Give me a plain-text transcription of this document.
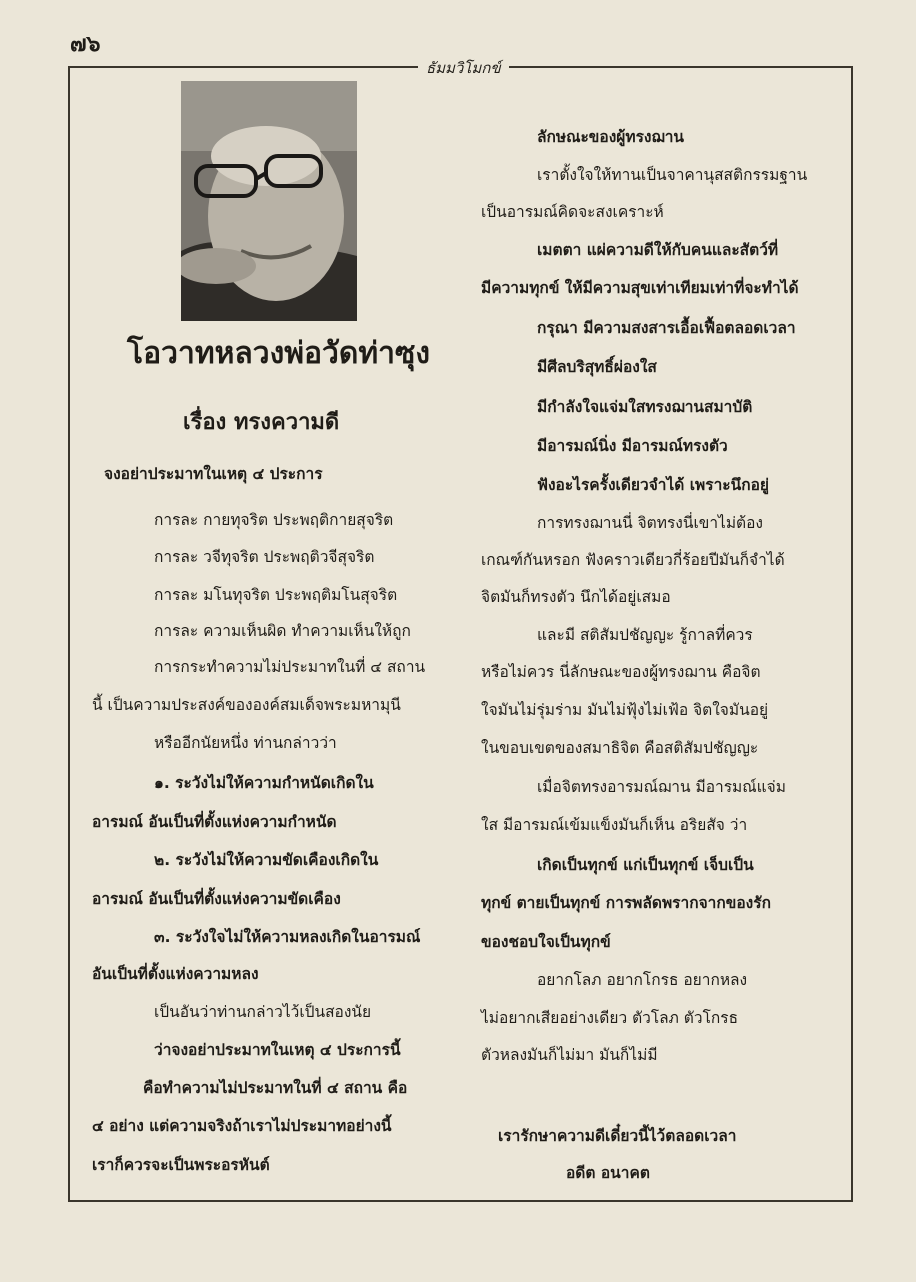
๗๖
ธัมมวิโมกข์
โอวาทหลวงพ่อวัดท่าซุง
เรื่อง ทรงความดี
จงอย่าประมาทในเหตุ ๔ ประการ
การละ กายทุจริต ประพฤติกายสุจริต
การละ วจีทุจริต ประพฤติวจีสุจริต
การละ มโนทุจริต ประพฤติมโนสุจริต
การละ ความเห็นผิด ทำความเห็นให้ถูก
การกระทำความไม่ประมาทในที่ ๔ สถาน
นี้ เป็นความประสงค์ขององค์สมเด็จพระมหามุนี
หรืออีกนัยหนึ่ง ท่านกล่าวว่า
๑. ระวังไม่ให้ความกำหนัดเกิดใน
อารมณ์ อันเป็นที่ตั้งแห่งความกำหนัด
๒. ระวังไม่ให้ความขัดเคืองเกิดใน
อารมณ์ อันเป็นที่ตั้งแห่งความขัดเคือง
๓. ระวังใจไม่ให้ความหลงเกิดในอารมณ์
อันเป็นที่ตั้งแห่งความหลง
เป็นอันว่าท่านกล่าวไว้เป็นสองนัย
ว่าจงอย่าประมาทในเหตุ ๔ ประการนี้
คือทำความไม่ประมาทในที่ ๔ สถาน คือ
๔ อย่าง แต่ความจริงถ้าเราไม่ประมาทอย่างนี้
เราก็ควรจะเป็นพระอรหันต์
ลักษณะของผู้ทรงฌาน
เราตั้งใจให้ทานเป็นจาคานุสสติกรรมฐาน
เป็นอารมณ์คิดจะสงเคราะห์
เมตตา แผ่ความดีให้กับคนและสัตว์ที่
มีความทุกข์ ให้มีความสุขเท่าเทียมเท่าที่จะทำได้
กรุณา มีความสงสารเอื้อเฟื้อตลอดเวลา
มีศีลบริสุทธิ์ผ่องใส
มีกำลังใจแจ่มใสทรงฌานสมาบัติ
มีอารมณ์นิ่ง มีอารมณ์ทรงตัว
ฟังอะไรครั้งเดียวจำได้ เพราะนึกอยู่
การทรงฌานนี่ จิตทรงนี่เขาไม่ต้อง
เกณฑ์กันหรอก ฟังคราวเดียวกี่ร้อยปีมันก็จำได้
จิตมันก็ทรงตัว นึกได้อยู่เสมอ
และมี สติสัมปชัญญะ รู้กาลที่ควร
หรือไม่ควร นี่ลักษณะของผู้ทรงฌาน คือจิต
ใจมันไม่รุ่มร่าม มันไม่ฟุ้งไม่เฟ้อ จิตใจมันอยู่
ในขอบเขตของสมาธิจิต คือสติสัมปชัญญะ
เมื่อจิตทรงอารมณ์ฌาน มีอารมณ์แจ่ม
ใส มีอารมณ์เข้มแข็งมันก็เห็น อริยสัจ ว่า
เกิดเป็นทุกข์ แก่เป็นทุกข์ เจ็บเป็น
ทุกข์ ตายเป็นทุกข์ การพลัดพรากจากของรัก
ของชอบใจเป็นทุกข์
อยากโลภ อยากโกรธ อยากหลง
ไม่อยากเสียอย่างเดียว ตัวโลภ ตัวโกรธ
ตัวหลงมันก็ไม่มา มันก็ไม่มี
เรารักษาความดีเดี๋ยวนี้ไว้ตลอดเวลา
อดีต อนาคต
